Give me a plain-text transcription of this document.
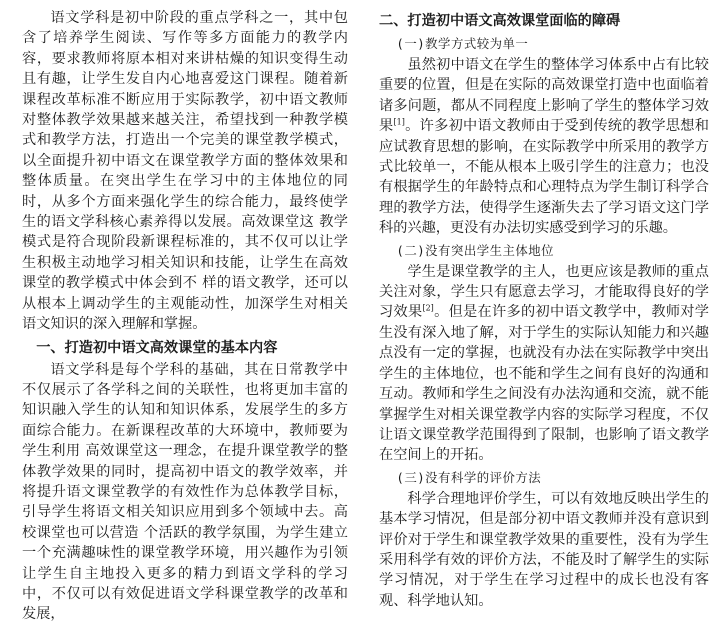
语文学科是初中阶段的重点学科之一，其中包含了培养学生阅读、写作等多方面能力的教学内容，要求教师将原本相对来讲枯燥的知识变得生动且有趣，让学生发自内心地喜爱这门课程。随着新课程改革标准不断应用于实际教学，初中语文教师对整体教学效果越来越关注，希望找到一种教学模式和教学方法，打造出一个完美的课堂教学模式，以全面提升初中语文在课堂教学方面的整体效果和整体质量。在突出学生在学习中的主体地位的同时，从多个方面来强化学生的综合能力，最终使学生的语文学科核心素养得以发展。高效课堂这 教学模式是符合现阶段新课程标准的，其不仅可以让学生积极主动地学习相关知识和技能，让学生在高效课堂的教学模式中体会到不 样的语文教学，还可以从根本上调动学生的主观能动性，加深学生对相关语文知识的深入理解和掌握。

一、打造初中语文高效课堂的基本内容

语文学科是每个学科的基础，其在日常教学中不仅展示了各学科之间的关联性，也将更加丰富的知识融入学生的认知和知识体系，发展学生的多方面综合能力。在新课程改革的大环境中，教师要为学生利用 高效课堂这一理念，在提升课堂教学的整体教学效果的同时，提高初中语文的教学效率，并将提升语文课堂教学的有效性作为总体教学目标，引导学生将语文相关知识应用到多个领域中去。高校课堂也可以营造 个活跃的教学氛围，为学生建立一个充满趣味性的课堂教学环境，用兴趣作为引领让学生自主地投入更多的精力到语文学科的学习中，不仅可以有效促进语文学科课堂教学的改革和发展，

二、打造初中语文高效课堂面临的障碍

(一)教学方式较为单一

虽然初中语文在学生的整体学习体系中占有比较重要的位置，但是在实际的高效课堂打造中也面临着诸多问题，都从不同程度上影响了学生的整体学习效果[1]。许多初中语文教师由于受到传统的教学思想和应试教育思想的影响，在实际教学中所采用的教学方式比较单一，不能从根本上吸引学生的注意力；也没有根据学生的年龄特点和心理特点为学生制订科学合理的教学方法，使得学生逐渐失去了学习语文这门学科的兴趣，更没有办法切实感受到学习的乐趣。

(二)没有突出学生主体地位

学生是课堂教学的主人，也更应该是教师的重点关注对象，学生只有愿意去学习，才能取得良好的学习效果[2]。但是在许多的初中语文教学中，教师对学生没有深入地了解，对于学生的实际认知能力和兴趣点没有一定的掌握，也就没有办法在实际教学中突出学生的主体地位，也不能和学生之间有良好的沟通和互动。教师和学生之间没有办法沟通和交流，就不能掌握学生对相关课堂教学内容的实际学习程度，不仅让语文课堂教学范围得到了限制，也影响了语文教学在空间上的开拓。

(三)没有科学的评价方法

科学合理地评价学生，可以有效地反映出学生的基本学习情况，但是部分初中语文教师并没有意识到评价对于学生和课堂教学效果的重要性，没有为学生采用科学有效的评价方法，不能及时了解学生的实际学习情况，对于学生在学习过程中的成长也没有客观、科学地认知。
